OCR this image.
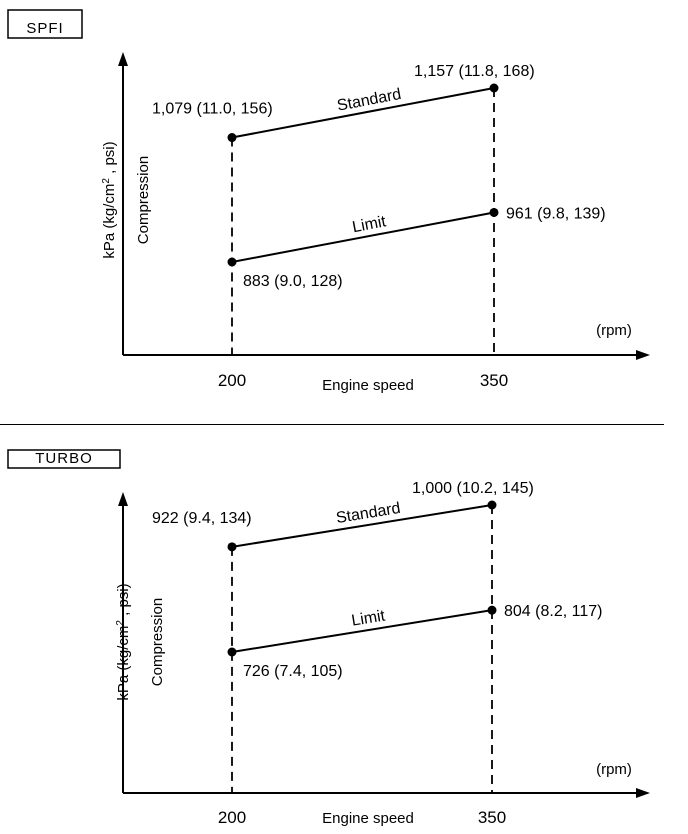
SPFI
kPa ($kg/cm^2$ , psi) Compression
(rpm)
Engine speed
200	350
Standard
1,079 (11.0, 156)
1,157 (11.8, 168)
Limit
883 (9.0, 128)
961 (9.8, 139)
TURBO
kPa ($kg/cm^2$ , psi) Compression
(rpm)
Engine speed
200	350
Standard
922 (9.4, 134)
1,000 (10.2, 145)
Limit
726 (7.4, 105)
804 (8.2, 117)
